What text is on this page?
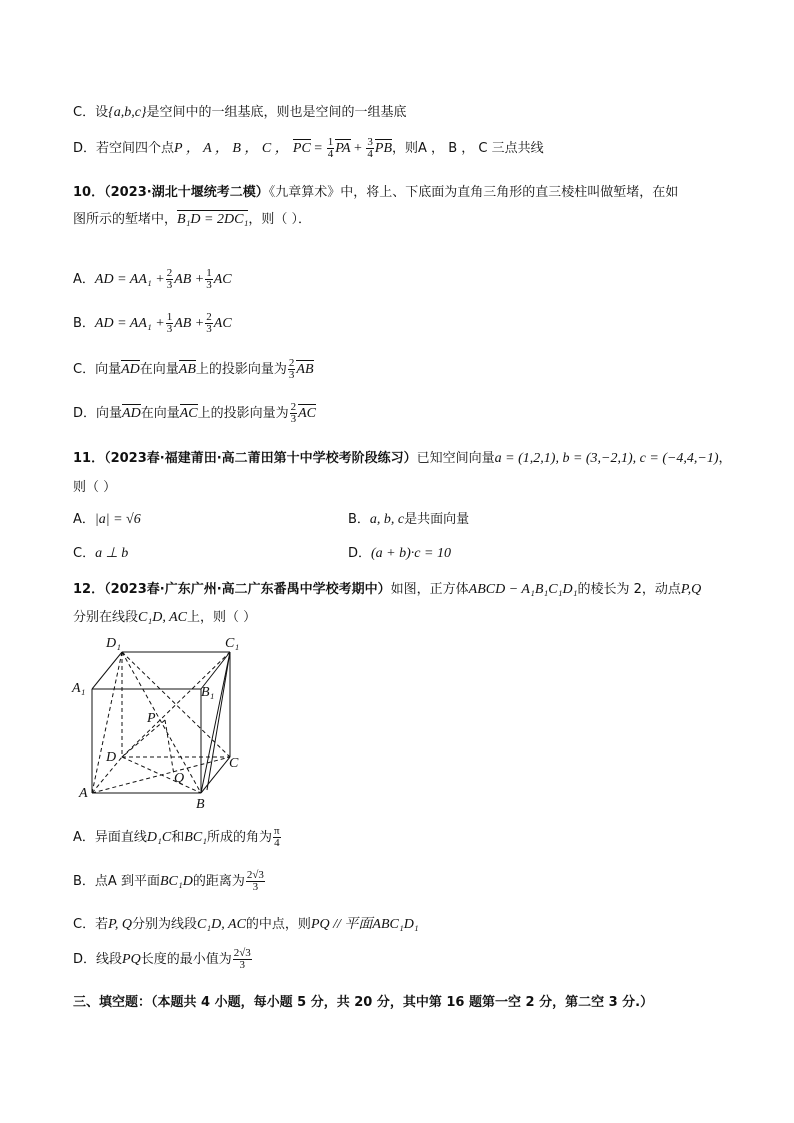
C．设{a,b,c}是空间中的一组基底，则也是空间的一组基底
D．若空间四个点P ， A ， B ， C ， PC = $\frac{1}{4}$ PA + $\frac{3}{4}$ PB，则A ， B ， C 三点共线
10．（2023·湖北十堰统考二模）《九章算术》中，将上、下底面为直角三角形的直三棱柱叫做堑堵，在如
图所示的堑堵中，B₁D = 2DC₁，则（ ）．
A．AD = $AA_1 + \frac{2}{3}$ AB + $\frac{1}{3}$ AC
B．AD = $AA_1 + \frac{1}{3}$ AB + $\frac{2}{3}$ AC
C．向量AD在向量AB上的投影向量为 $\frac{2}{3}$ AB
D．向量AD在向量AC上的投影向量为 $\frac{2}{3}$ AC
11．（2023春·福建莆田·高二莆田第十中学校考阶段练习）已知空间向量a = (1,2,1), b = (3,−2,1), c = (−4,4,−1)，
则（ ）
A．|a| = √6	B．a, b, c是共面向量
C．a ⊥ b	D．(a + b)·c = 10
12．（2023春·广东广州·高二广东番禺中学校考期中）如图，正方体ABCD − A₁B₁C₁D₁的棱长为 2，动点P,Q
分别在线段C₁D, AC上，则（ ）
D₁	C₁
A₁	B₁
P
D	C
Q
A
B
A．异面直线D₁C和BC₁所成的角为 $\frac{\pi}{4}$
B．点A 到平面BC₁D的距离为 $\frac{2√3}{3}$
C．若P, Q分别为线段C₁D, AC的中点，则PQ // 平面ABC₁D₁
D．线段PQ长度的最小值为 $\frac{2√3}{3}$
三、填空题：（本题共 4 小题，每小题 5 分，共 20 分，其中第 16 题第一空 2 分，第二空 3 分.）
